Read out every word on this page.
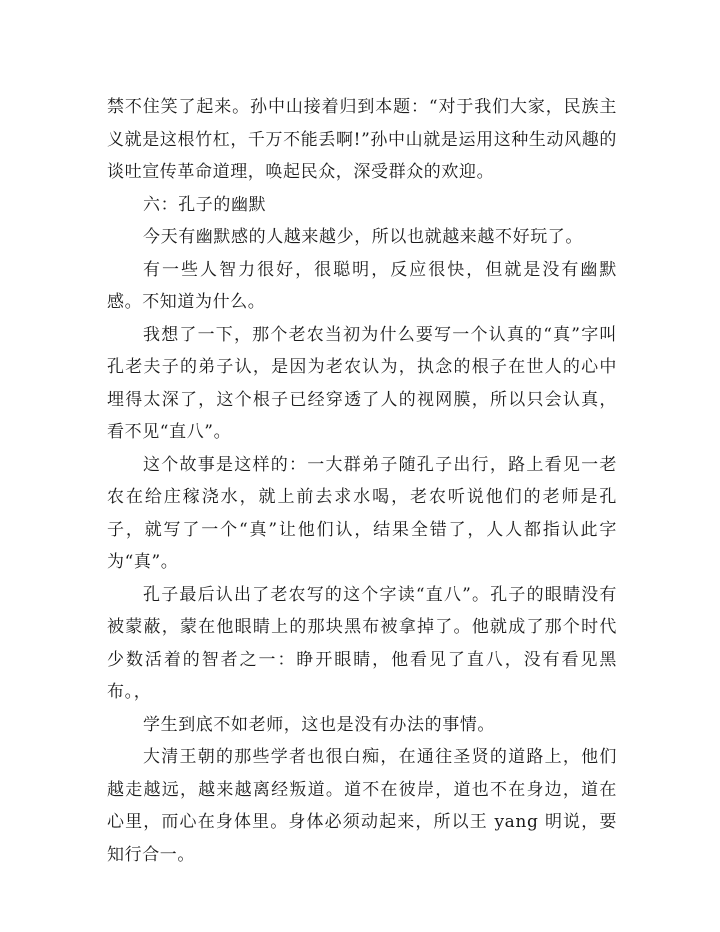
禁不住笑了起来。孙中山接着归到本题：“对于我们大家，民族主义就是这根竹杠，千万不能丢啊!”孙中山就是运用这种生动风趣的谈吐宣传革命道理，唤起民众，深受群众的欢迎。

六：孔子的幽默

今天有幽默感的人越来越少，所以也就越来越不好玩了。

有一些人智力很好，很聪明，反应很快，但就是没有幽默感。不知道为什么。

我想了一下，那个老农当初为什么要写一个认真的“真”字叫孔老夫子的弟子认，是因为老农认为，执念的根子在世人的心中埋得太深了，这个根子已经穿透了人的视网膜，所以只会认真，看不见“直八”。

这个故事是这样的：一大群弟子随孔子出行，路上看见一老农在给庄稼浇水，就上前去求水喝，老农听说他们的老师是孔子，就写了一个“真”让他们认，结果全错了，人人都指认此字为“真”。

孔子最后认出了老农写的这个字读“直八”。孔子的眼睛没有被蒙蔽，蒙在他眼睛上的那块黑布被拿掉了。他就成了那个时代少数活着的智者之一：睁开眼睛，他看见了直八，没有看见黑布。，

学生到底不如老师，这也是没有办法的事情。

大清王朝的那些学者也很白痴，在通往圣贤的道路上，他们越走越远，越来越离经叛道。道不在彼岸，道也不在身边，道在心里，而心在身体里。身体必须动起来，所以王 yang 明说，要知行合一。
